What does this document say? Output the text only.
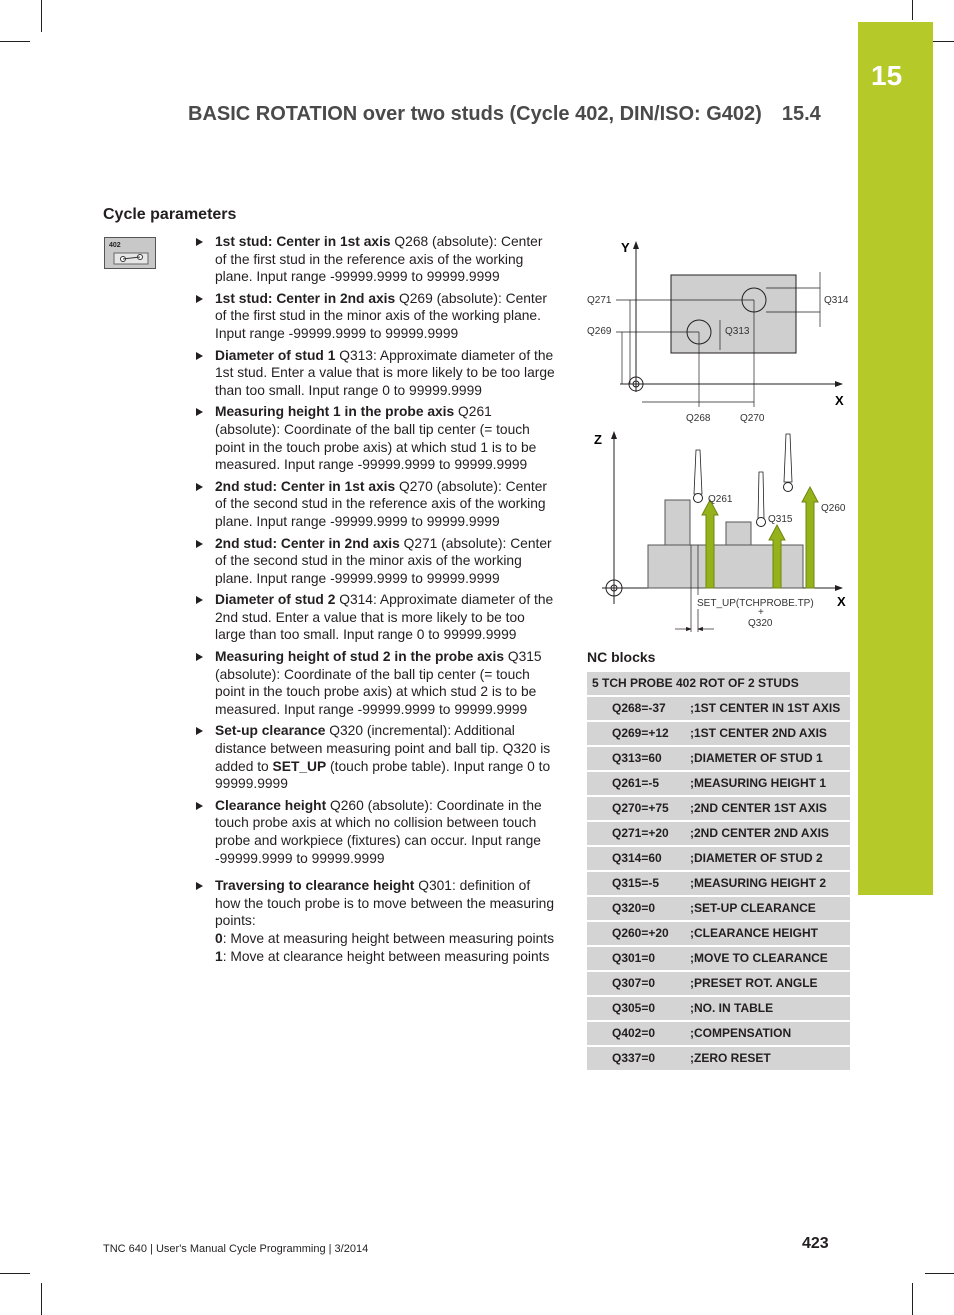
15
BASIC ROTATION over two studs (Cycle 402, DIN/ISO: G402) 15.4
Cycle parameters
402	1st stud: Center in 1st axis Q268 (absolute): Center of the first stud in the reference axis of the working plane. Input range -99999.9999 to 99999.9999
1st stud: Center in 2nd axis Q269 (absolute): Center of the first stud in the minor axis of the working plane. Input range -99999.9999 to 99999.9999
Diameter of stud 1 Q313: Approximate diameter of the 1st stud. Enter a value that is more likely to be too large than too small. Input range 0 to 99999.9999
Measuring height 1 in the probe axis Q261 (absolute): Coordinate of the ball tip center (= touch point in the touch probe axis) at which stud 1 is to be measured. Input range -99999.9999 to 99999.9999
2nd stud: Center in 1st axis Q270 (absolute): Center of the second stud in the reference axis of the working plane. Input range -99999.9999 to 99999.9999
2nd stud: Center in 2nd axis Q271 (absolute): Center of the second stud in the minor axis of the working plane. Input range -99999.9999 to 99999.9999
Diameter of stud 2 Q314: Approximate diameter of the 2nd stud. Enter a value that is more likely to be too large than too small. Input range 0 to 99999.9999
Measuring height of stud 2 in the probe axis Q315 (absolute): Coordinate of the ball tip center (= touch point in the touch probe axis) at which stud 2 is to be measured. Input range -99999.9999 to 99999.9999
Set-up clearance Q320 (incremental): Additional distance between measuring point and ball tip. Q320 is added to SET_UP (touch probe table). Input range 0 to 99999.9999
Clearance height Q260 (absolute): Coordinate in the touch probe axis at which no collision between touch probe and workpiece (fixtures) can occur. Input range -99999.9999 to 99999.9999
Traversing to clearance height Q301: definition of how the touch probe is to move between the measuring points:
0: Move at measuring height between measuring points
1: Move at clearance height between measuring points
Y
X
Q271
Q269	Q313
Q314
Q268	Q270
Z
X
Q261
Q315
Q260
SET_UP(TCHPROBE.TP)
+
Q320
NC blocks
5 TCH PROBE 402 ROT OF 2 STUDS	
Q268=-37	;1ST CENTER IN 1ST AXIS
Q269=+12	;1ST CENTER 2ND AXIS
Q313=60	;DIAMETER OF STUD 1
Q261=-5	;MEASURING HEIGHT 1
Q270=+75	;2ND CENTER 1ST AXIS
Q271=+20	;2ND CENTER 2ND AXIS
Q314=60	;DIAMETER OF STUD 2
Q315=-5	;MEASURING HEIGHT 2
Q320=0	;SET-UP CLEARANCE
Q260=+20	;CLEARANCE HEIGHT
Q301=0	;MOVE TO CLEARANCE
Q307=0	;PRESET ROT. ANGLE
Q305=0	;NO. IN TABLE
Q402=0	;COMPENSATION
Q337=0	;ZERO RESET
TNC 640 | User's Manual Cycle Programming | 3/2014	423
